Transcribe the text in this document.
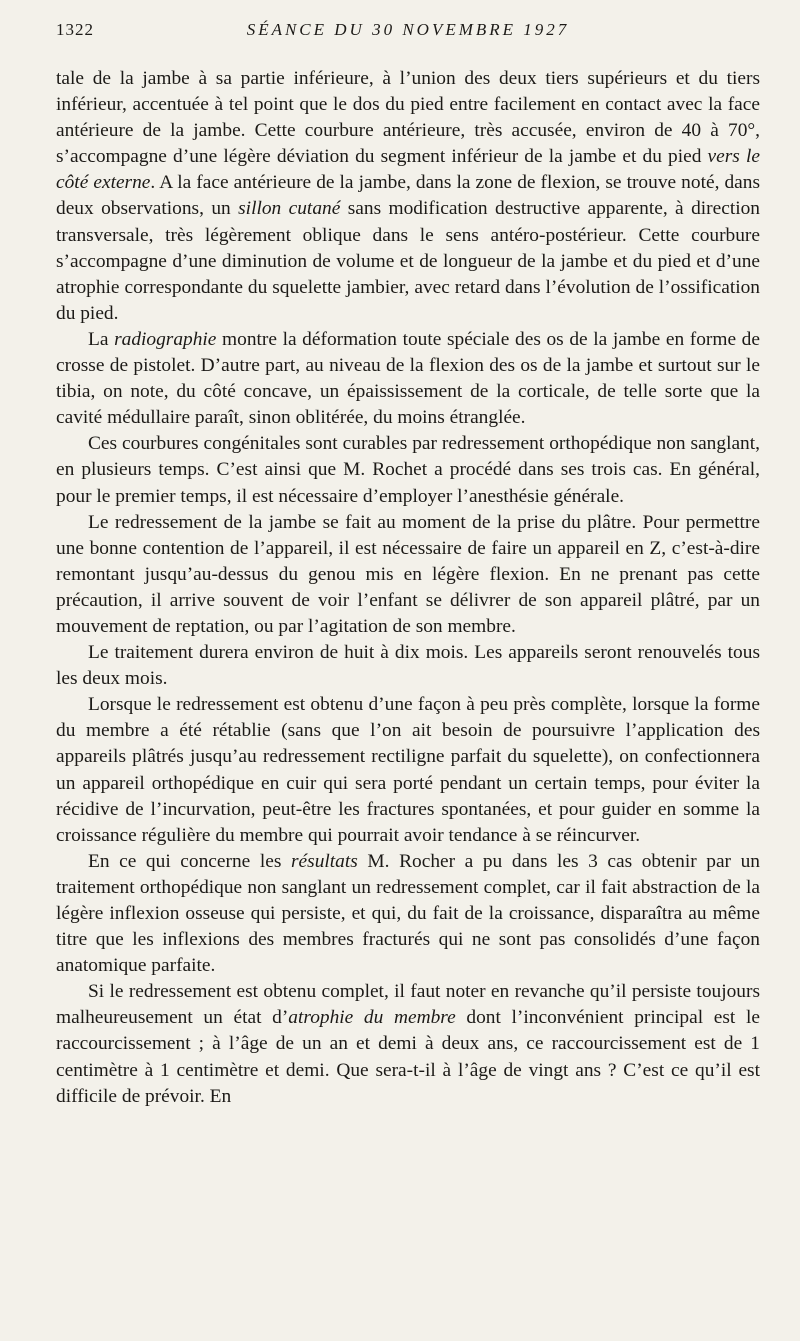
1322	SÉANCE DU 30 NOVEMBRE 1927

tale de la jambe à sa partie inférieure, à l’union des deux tiers supérieurs et du tiers inférieur, accentuée à tel point que le dos du pied entre facilement en contact avec la face antérieure de la jambe. Cette courbure antérieure, très accusée, environ de 40 à 70°, s’accompagne d’une légère déviation du segment inférieur de la jambe et du pied vers le côté externe. A la face antérieure de la jambe, dans la zone de flexion, se trouve noté, dans deux observations, un sillon cutané sans modification destructive apparente, à direction transversale, très légèrement oblique dans le sens antéro-postérieur. Cette courbure s’accompagne d’une diminution de volume et de longueur de la jambe et du pied et d’une atrophie correspondante du squelette jambier, avec retard dans l’évolution de l’ossification du pied.

La radiographie montre la déformation toute spéciale des os de la jambe en forme de crosse de pistolet. D’autre part, au niveau de la flexion des os de la jambe et surtout sur le tibia, on note, du côté concave, un épaississement de la corticale, de telle sorte que la cavité médullaire paraît, sinon oblitérée, du moins étranglée.

Ces courbures congénitales sont curables par redressement orthopédique non sanglant, en plusieurs temps. C’est ainsi que M. Rochet a procédé dans ses trois cas. En général, pour le premier temps, il est nécessaire d’employer l’anesthésie générale.

Le redressement de la jambe se fait au moment de la prise du plâtre. Pour permettre une bonne contention de l’appareil, il est nécessaire de faire un appareil en Z, c’est-à-dire remontant jusqu’au-dessus du genou mis en légère flexion. En ne prenant pas cette précaution, il arrive souvent de voir l’enfant se délivrer de son appareil plâtré, par un mouvement de reptation, ou par l’agitation de son membre.

Le traitement durera environ de huit à dix mois. Les appareils seront renouvelés tous les deux mois.

Lorsque le redressement est obtenu d’une façon à peu près complète, lorsque la forme du membre a été rétablie (sans que l’on ait besoin de poursuivre l’application des appareils plâtrés jusqu’au redressement rectiligne parfait du squelette), on confectionnera un appareil orthopédique en cuir qui sera porté pendant un certain temps, pour éviter la récidive de l’incurvation, peut-être les fractures spontanées, et pour guider en somme la croissance régulière du membre qui pourrait avoir tendance à se réincurver.

En ce qui concerne les résultats M. Rocher a pu dans les 3 cas obtenir par un traitement orthopédique non sanglant un redressement complet, car il fait abstraction de la légère inflexion osseuse qui persiste, et qui, du fait de la croissance, disparaîtra au même titre que les inflexions des membres fracturés qui ne sont pas consolidés d’une façon anatomique parfaite.

Si le redressement est obtenu complet, il faut noter en revanche qu’il persiste toujours malheureusement un état d’atrophie du membre dont l’inconvénient principal est le raccourcissement ; à l’âge de un an et demi à deux ans, ce raccourcissement est de 1 centimètre à 1 centimètre et demi. Que sera-t-il à l’âge de vingt ans ? C’est ce qu’il est difficile de prévoir. En
